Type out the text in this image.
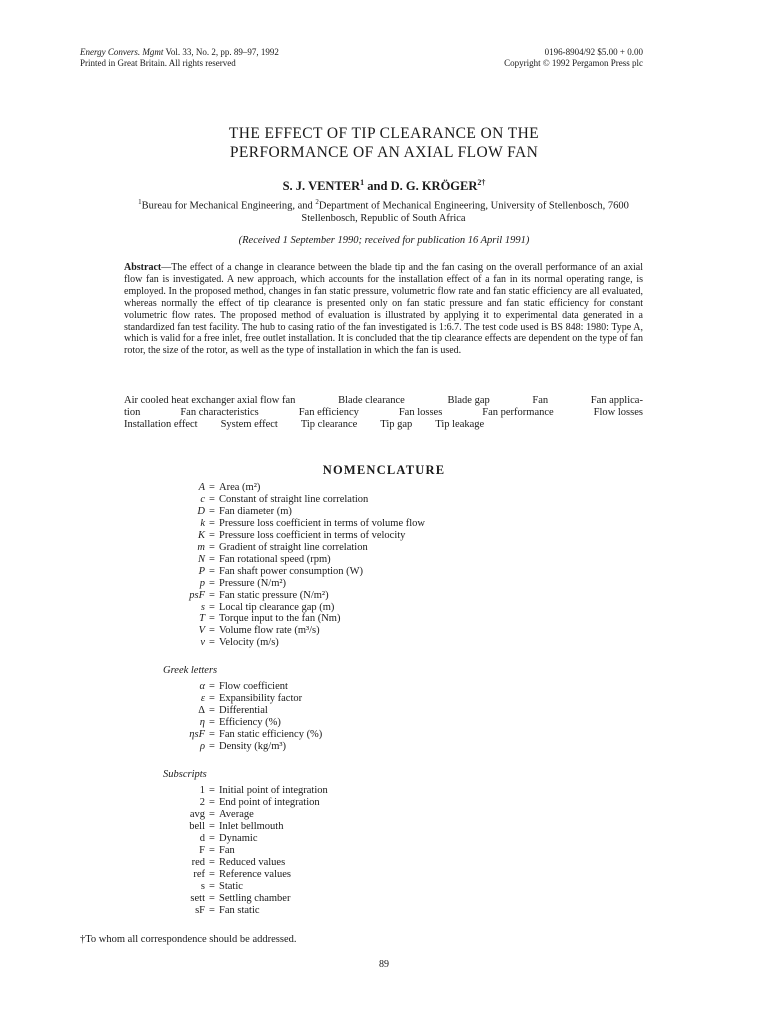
Energy Convers. Mgmt Vol. 33, No. 2, pp. 89–97, 1992
Printed in Great Britain. All rights reserved
0196-8904/92 $5.00 + 0.00
Copyright © 1992 Pergamon Press plc
THE EFFECT OF TIP CLEARANCE ON THE
PERFORMANCE OF AN AXIAL FLOW FAN
S. J. VENTER$^1$ and D. G. $KRÖGER^{2\dagger}$
$^1$Bureau for Mechanical Engineering, and $^2$Department of Mechanical Engineering, University of Stellenbosch, 7600 Stellenbosch, Republic of South Africa
(Received 1 September 1990; received for publication 16 April 1991)
Abstract—The effect of a change in clearance between the blade tip and the fan casing on the overall performance of an axial flow fan is investigated. A new approach, which accounts for the installation effect of a fan in its normal operating range, is employed. In the proposed method, changes in fan static pressure, volumetric flow rate and fan static efficiency are all evaluated, whereas normally the effect of tip clearance is presented only on fan static pressure and fan static efficiency for constant volumetric flow rates. The proposed method of evaluation is illustrated by applying it to experimental data generated in a standardized fan test facility. The hub to casing ratio of the fan investigated is 1:6.7. The test code used is BS 848: 1980: Type A, which is valid for a free inlet, free outlet installation. It is concluded that the tip clearance effects are dependent on the type of fan rotor, the size of the rotor, as well as the type of installation in which the fan is used.
Air cooled heat exchanger axial flow fan	Blade clearance	Blade gap	Fan	Fan applica-
tion	Fan characteristics	Fan efficiency	Fan losses	Fan performance	Flow losses
Installation effect System effect Tip clearance Tip gap Tip leakage
NOMENCLATURE
A = Area (m²)
c = Constant of straight line correlation
D = Fan diameter (m)
k = Pressure loss coefficient in terms of volume flow
K = Pressure loss coefficient in terms of velocity
m = Gradient of straight line correlation
N = Fan rotational speed (rpm)
P = Fan shaft power consumption (W)
p = Pressure (N/m²)
psF = Fan static pressure (N/m²)
s = Local tip clearance gap (m)
T = Torque input to the fan (Nm)
V = Volume flow rate (m³/s)
v = Velocity (m/s)
Greek letters
α = Flow coefficient
ε = Expansibility factor
Δ = Differential
η = Efficiency (%)
ηsF = Fan static efficiency (%)
ρ = Density (kg/m³)
Subscripts
1 = Initial point of integration
2 = End point of integration
avg = Average
bell = Inlet bellmouth
d = Dynamic
F = Fan
red = Reduced values
ref = Reference values
s = Static
sett = Settling chamber
sF = Fan static
†To whom all correspondence should be addressed.
89
